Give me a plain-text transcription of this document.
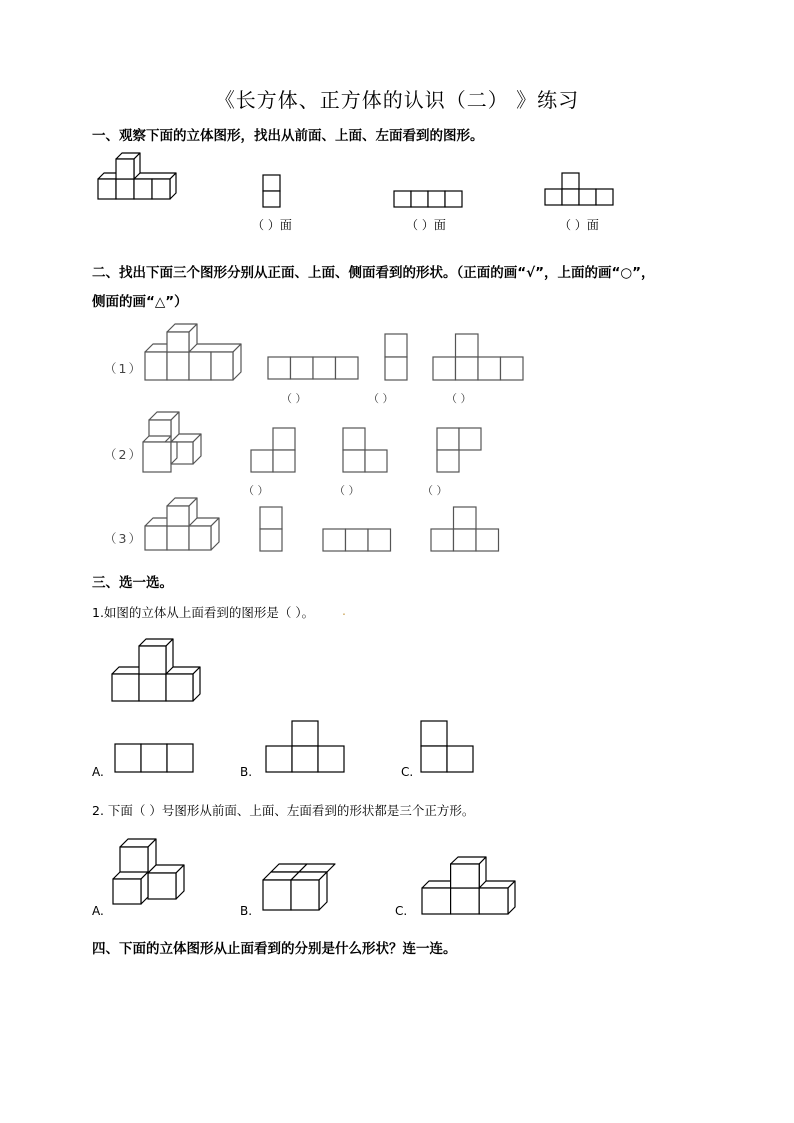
《长方体、正方体的认识（二） 》练习
一、观察下面的立体图形，找出从前面、上面、左面看到的图形。
（ ）面	（ ）面	（ ）面
二、找出下面三个图形分别从正面、上面、侧面看到的形状。（正面的画“√”，上面的画“○”，
侧面的画“△”）
（1）
（ ）	（ ）	（ ）
（2）
（ ）	（ ）	（ ）
（3）
三、选一选。
1.如图的立体从上面看到的图形是（ ）。 .
A.	B.	C.
2. 下面（ ）号图形从前面、上面、左面看到的形状都是三个正方形。
A.	B.	C.
四、下面的立体图形从止面看到的分别是什么形状？连一连。
